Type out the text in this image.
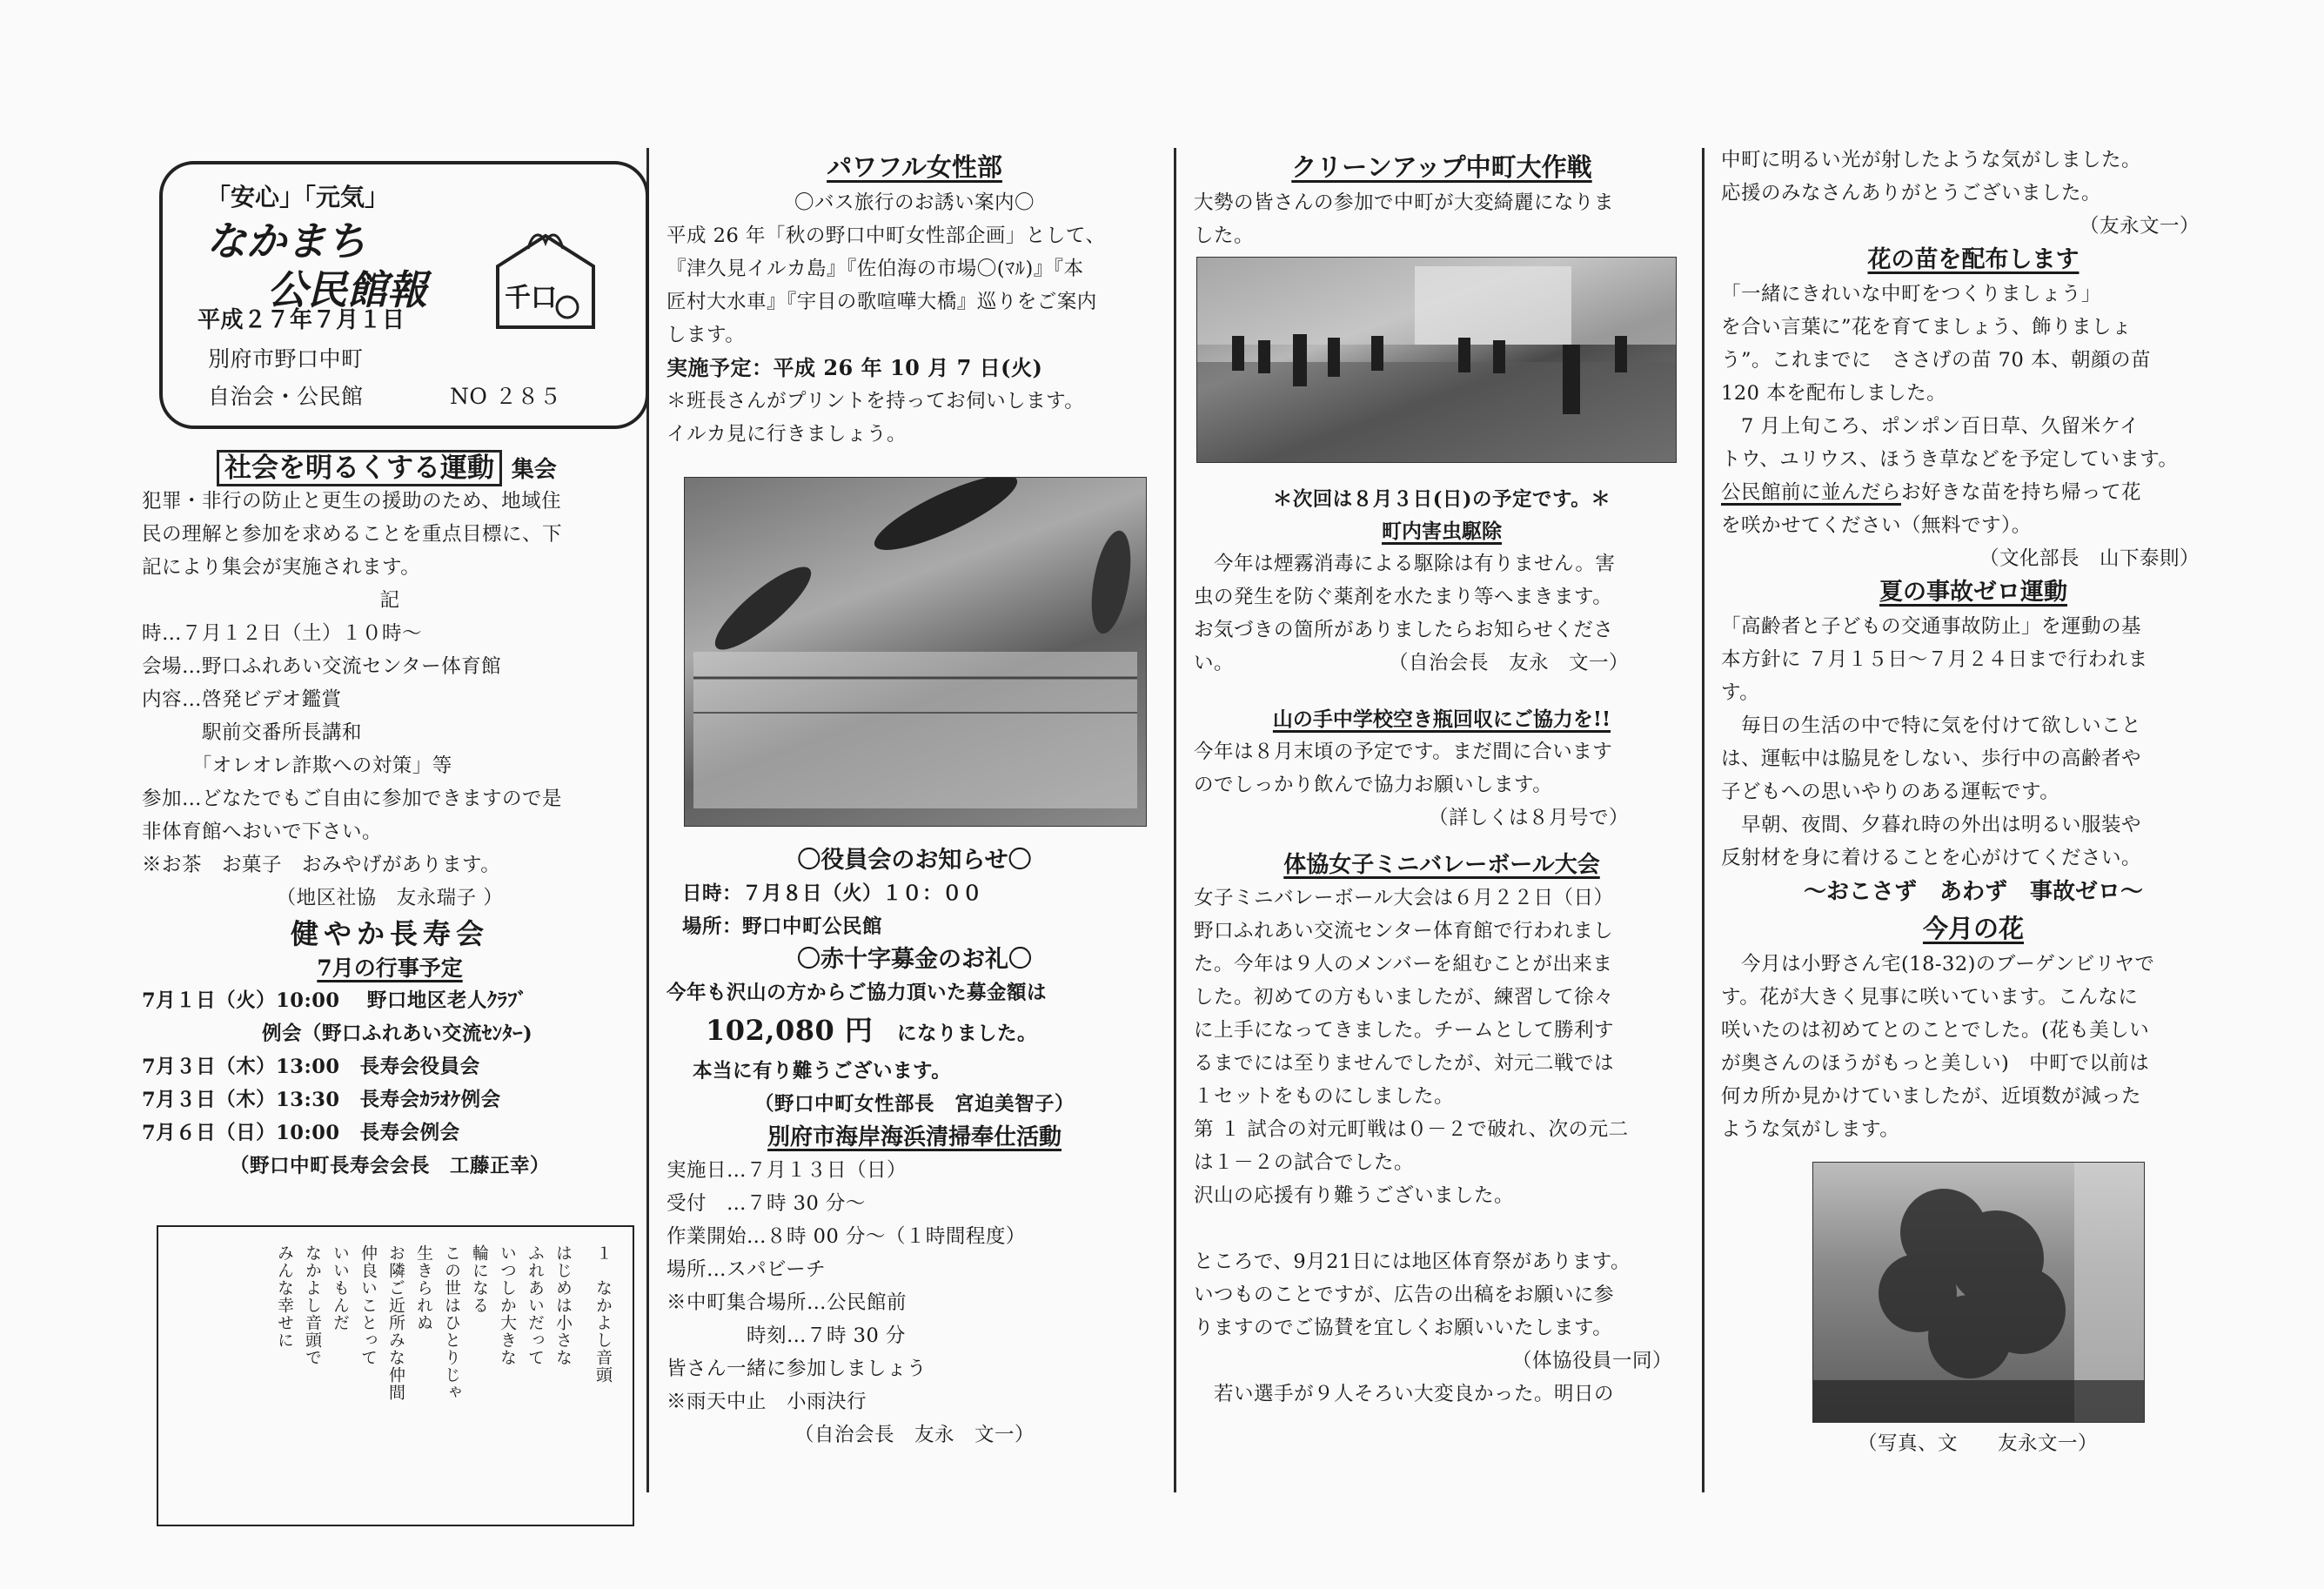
「安心」「元気」

なかまち

公民館報	千口

平成２７年７月１日

別府市野口中町

自治会・公民館	NO ２８５

社会を明るくする運動 集会

犯罪・非行の防止と更生の援助のため、地域住

民の理解と参加を求めることを重点目標に、下

記により集会が実施されます。

記

時…７月１２日（土）１０時～

会場…野口ふれあい交流センター体育館

内容…啓発ビデオ鑑賞

　　　駅前交番所長講和

　　　「オレオレ詐欺への対策」等

参加…どなたでもご自由に参加できますので是

非体育館へおいで下さい。

※お茶　お菓子　おみやげがあります。

（地区社協　友永瑞子 ）

健やか長寿会

7月の行事予定

7月１日（火）10:00　 野口地区老人ｸﾗﾌﾞ

　　　　　　例会（野口ふれあい交流ｾﾝﾀｰ)

7月３日（木）13:00　長寿会役員会

7月３日（木）13:30　長寿会ｶﾗｵｹ例会

7月６日（日）10:00　長寿会例会

（野口中町長寿会会長　工藤正幸）

１　なかよし音頭

はじめは小さな

ふれあいだって

いつしか大きな

輪になる

この世はひとりじゃ

生きられぬ

お隣ご近所みな仲間

仲良いことって

いいもんだ

なかよし音頭で

みんな幸せに

パワフル女性部

〇バス旅行のお誘い案内〇

平成 26 年「秋の野口中町女性部企画」として、

『津久見イルカ島』『佐伯海の市場〇(ﾏﾙ)』『本

匠村大水車』『宇目の歌喧嘩大橋』巡りをご案内

します。

実施予定：平成 26 年 10 月 7 日(火)

＊班長さんがプリントを持ってお伺いします。

イルカ見に行きましょう。

〇役員会のお知らせ〇

日時：７月８日（火）１０：００

場所：野口中町公民館

〇赤十字募金のお礼〇

今年も沢山の方からご協力頂いた募金額は

102,080 円 になりました。

本当に有り難うございます。

（野口中町女性部長　宮迫美智子）

別府市海岸海浜清掃奉仕活動

実施日…７月１３日（日）

受付　…７時 30 分～

作業開始…８時 00 分～（１時間程度）

場所…スパビーチ

※中町集合場所…公民館前

　　　　時刻…７時 30 分

皆さん一緒に参加しましょう

※雨天中止　小雨決行

（自治会長　友永　文一）

クリーンアップ中町大作戦

大勢の皆さんの参加で中町が大変綺麗になりま

した。

＊次回は８月３日(日)の予定です。＊

町内害虫駆除

　今年は煙霧消毒による駆除は有りません。害

虫の発生を防ぐ薬剤を水たまり等へまきます。

お気づきの箇所がありましたらお知らせくださ

い。	（自治会長　友永　文一）

山の手中学校空き瓶回収にご協力を!!

今年は８月末頃の予定です。まだ間に合います

のでしっかり飲んで協力お願いします。

（詳しくは８月号で）

体協女子ミニバレーボール大会

女子ミニバレーボール大会は６月２２日（日）

野口ふれあい交流センター体育館で行われまし

た。今年は９人のメンバーを組むことが出来ま

した。初めての方もいましたが、練習して徐々

に上手になってきました。チームとして勝利す

るまでには至りませんでしたが、対元二戦では

１セットをものにしました。

第 １ 試合の対元町戦は０－２で破れ、次の元二

は１－２の試合でした。

沢山の応援有り難うございました。

ところで、9月21日には地区体育祭があります。

いつものことですが、広告の出稿をお願いに参

りますのでご協賛を宜しくお願いいたします。

（体協役員一同）

　若い選手が９人そろい大変良かった。明日の

中町に明るい光が射したような気がしました。

応援のみなさんありがとうございました。

（友永文一）

花の苗を配布します

「一緒にきれいな中町をつくりましょう」

を合い言葉に”花を育てましょう、飾りましょ

う”。これまでに　ささげの苗 70 本、朝顔の苗

120 本を配布しました。

　7 月上旬ころ、ポンポン百日草、久留米ケイ

トウ、ユリウス、ほうき草などを予定しています。

公民館前に並んだらお好きな苗を持ち帰って花

を咲かせてください（無料です）。

（文化部長　山下泰則）

夏の事故ゼロ運動

「高齢者と子どもの交通事故防止」を運動の基

本方針に ７月１５日～７月２４日まで行われま

す。

　毎日の生活の中で特に気を付けて欲しいこと

は、運転中は脇見をしない、歩行中の高齢者や

子どもへの思いやりのある運転です。

　早朝、夜間、夕暮れ時の外出は明るい服装や

反射材を身に着けることを心がけてください。

～おこさず　あわず　事故ゼロ～

今月の花

　今月は小野さん宅(18-32)のブーゲンビリヤで

す。花が大きく見事に咲いています。こんなに

咲いたのは初めてとのことでした。(花も美しい

が奥さんのほうがもっと美しい)　中町で以前は

何カ所か見かけていましたが、近頃数が減った

ような気がします。

（写真、文　　友永文一）
